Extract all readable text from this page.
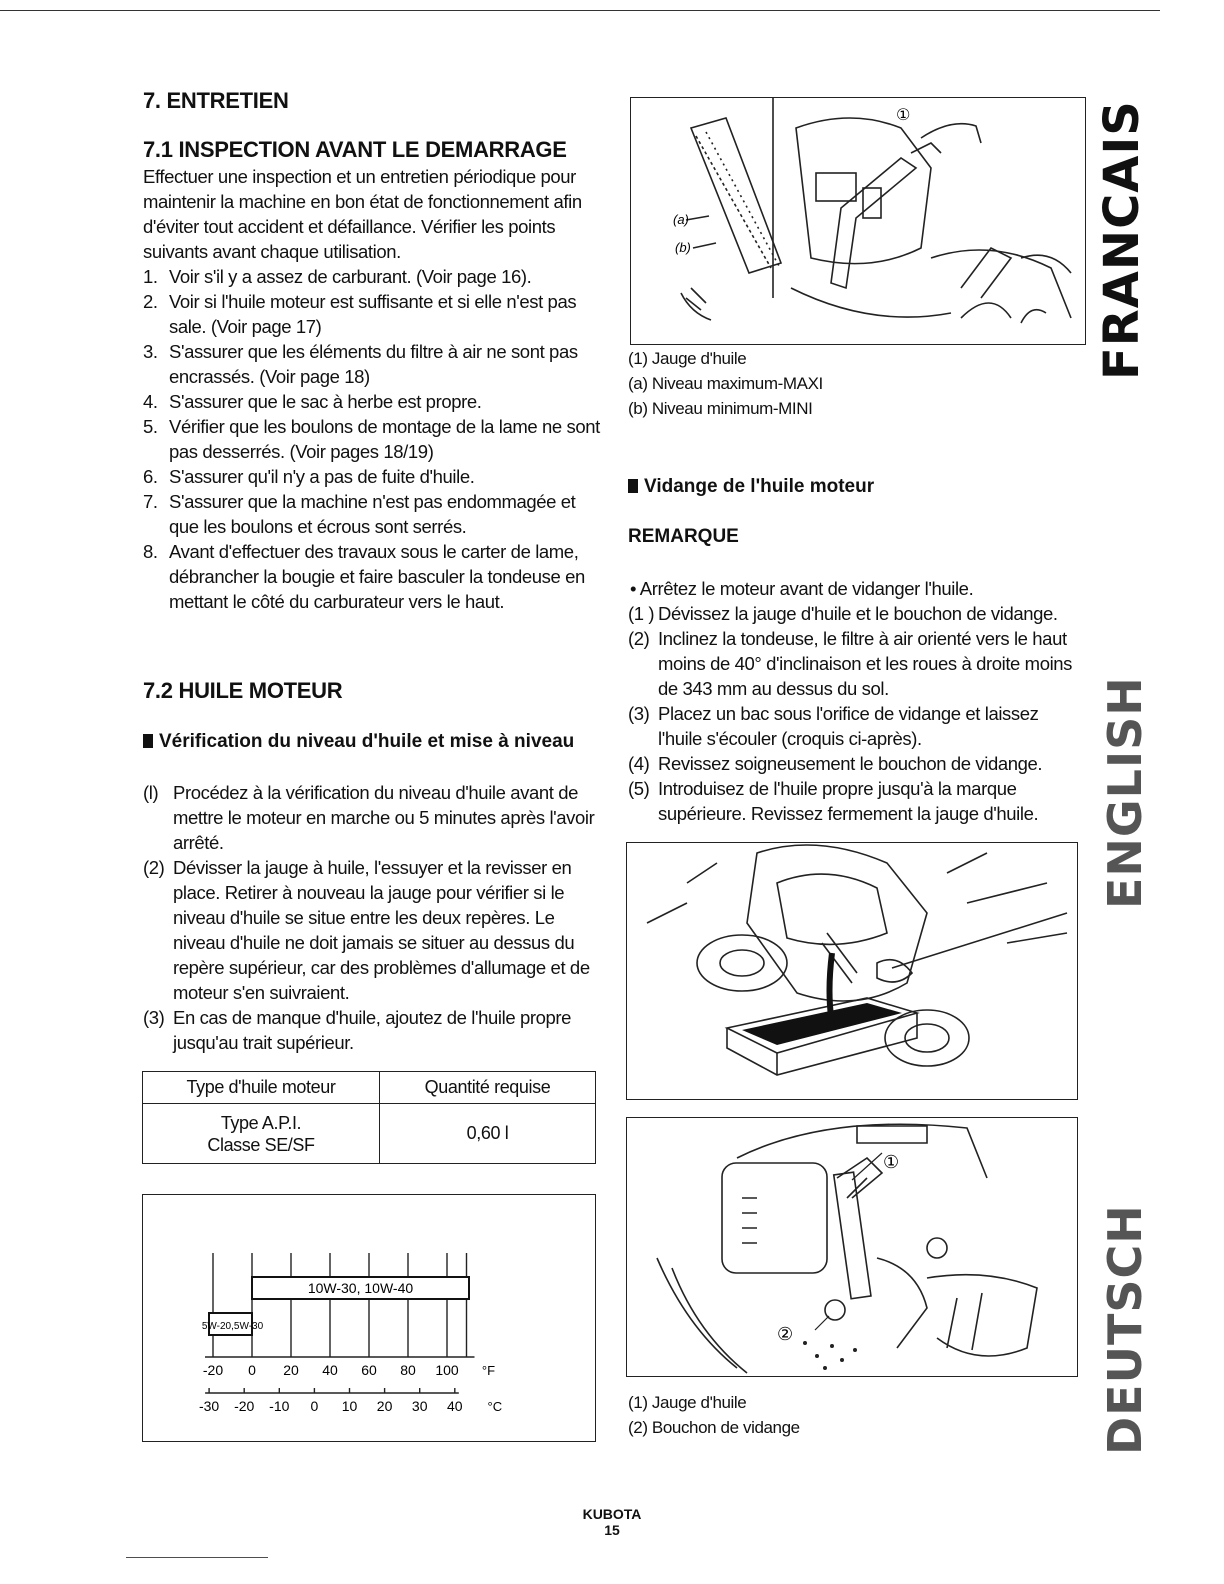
7. ENTRETIEN
7.1 INSPECTION AVANT LE DEMARRAGE

Effectuer une inspection et un entretien périodique pour maintenir la machine en bon état de fonctionnement afin d'éviter tout accident et défaillance. Vérifier les points suivants avant chaque utilisation.

1. Voir s'il y a assez de carburant. (Voir page 16).
2. Voir si l'huile moteur est suffisante et si elle n'est pas sale. (Voir page 17)
3. S'assurer que les éléments du filtre à air ne sont pas encrassés. (Voir page 18)
4. S'assurer que le sac à herbe est propre.
5. Vérifier que les boulons de montage de la lame ne sont pas desserrés. (Voir pages 18/19)
6. S'assurer qu'il n'y a pas de fuite d'huile.
7. S'assurer que la machine n'est pas endommagée et que les boulons et écrous sont serrés.
8. Avant d'effectuer des travaux sous le carter de lame, débrancher la bougie et faire basculer la tondeuse en mettant le côté du carburateur vers le haut.
7.2 HUILE MOTEUR
Vérification du niveau d'huile et mise à niveau
(l) Procédez à la vérification du niveau d'huile avant de mettre le moteur en marche ou 5 minutes après l'avoir arrêté.
(2) Dévisser la jauge à huile, l'essuyer et la revisser en place. Retirer à nouveau la jauge pour vérifier si le niveau d'huile se situe entre les deux repères. Le niveau d'huile ne doit jamais se situer au dessus du repère supérieur, car des problèmes d'allumage et de moteur s'en suivraient.
(3) En cas de manque d'huile, ajoutez de l'huile propre jusqu'au trait supérieur.
Type d'huile moteur	Quantité requise

Type A.P.I.
Classe SE/SF	0,60 l
10W-30, 10W-40
5W-20,5W-30
-20 0 20 40 60 80 100 °F
-30 -20 -10 0 10 20 30 40 °C
(a)
(b)
①
(1) Jauge d'huile
(a) Niveau maximum-MAXI
(b) Niveau minimum-MINI
Vidange de l'huile moteur
REMARQUE
• Arrêtez le moteur avant de vidanger l'huile.
(1 ) Dévissez la jauge d'huile et le bouchon de vidange.
(2) Inclinez la tondeuse, le filtre à air orienté vers le haut moins de 40° d'inclinaison et les roues à droite moins de 343 mm au dessus du sol.
(3) Placez un bac sous l'orifice de vidange et laissez l'huile s'écouler (croquis ci-après).
(4) Revissez soigneusement le bouchon de vidange.
(5) Introduisez de l'huile propre jusqu'à la marque supérieure. Revissez fermement la jauge d'huile.
①
②
(1) Jauge d'huile
(2) Bouchon de vidange
FRANCAIS
ENGLISH
DEUTSCH
KUBOTA
15
